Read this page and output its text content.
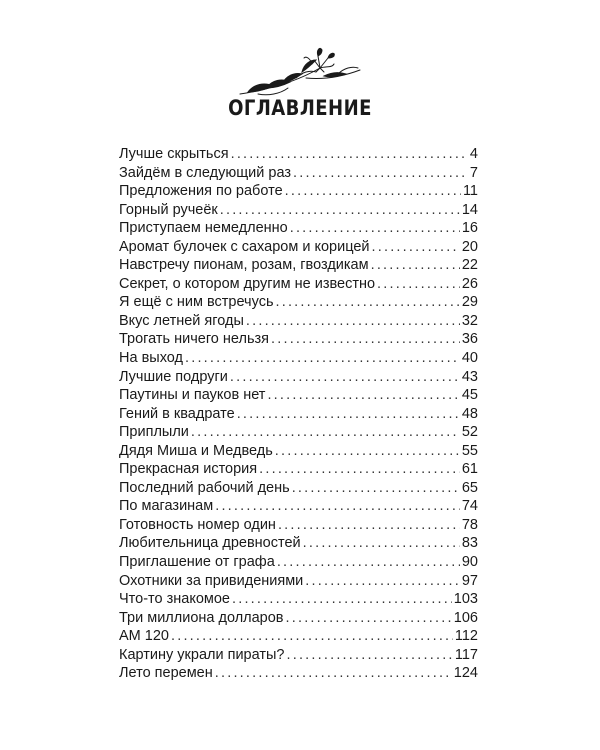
ОГЛАВЛЕНИЕ
Лучше скрыться .....	4
Зайдём в следующий раз .....	7
Предложения по работе .....	11
Горный ручеёк .....	14
Приступаем немедленно .....	16
Аромат булочек с сахаром и корицей .....	20
Навстречу пионам, розам, гвоздикам .....	22
Секрет, о котором другим не известно .....	26
Я ещё с ним встречусь .....	29
Вкус летней ягоды .....	32
Трогать ничего нельзя .....	36
На выход .....	40
Лучшие подруги .....	43
Паутины и пауков нет .....	45
Гений в квадрате .....	48
Приплыли .....	52
Дядя Миша и Медведь .....	55
Прекрасная история .....	61
Последний рабочий день .....	65
По магазинам .....	74
Готовность номер один .....	78
Любительница древностей .....	83
Приглашение от графа .....	90
Охотники за привидениями .....	97
Что-то знакомое .....	103
Три миллиона долларов .....	106
АМ 120 .....	112
Картину украли пираты? .....	117
Лето перемен .....	124
